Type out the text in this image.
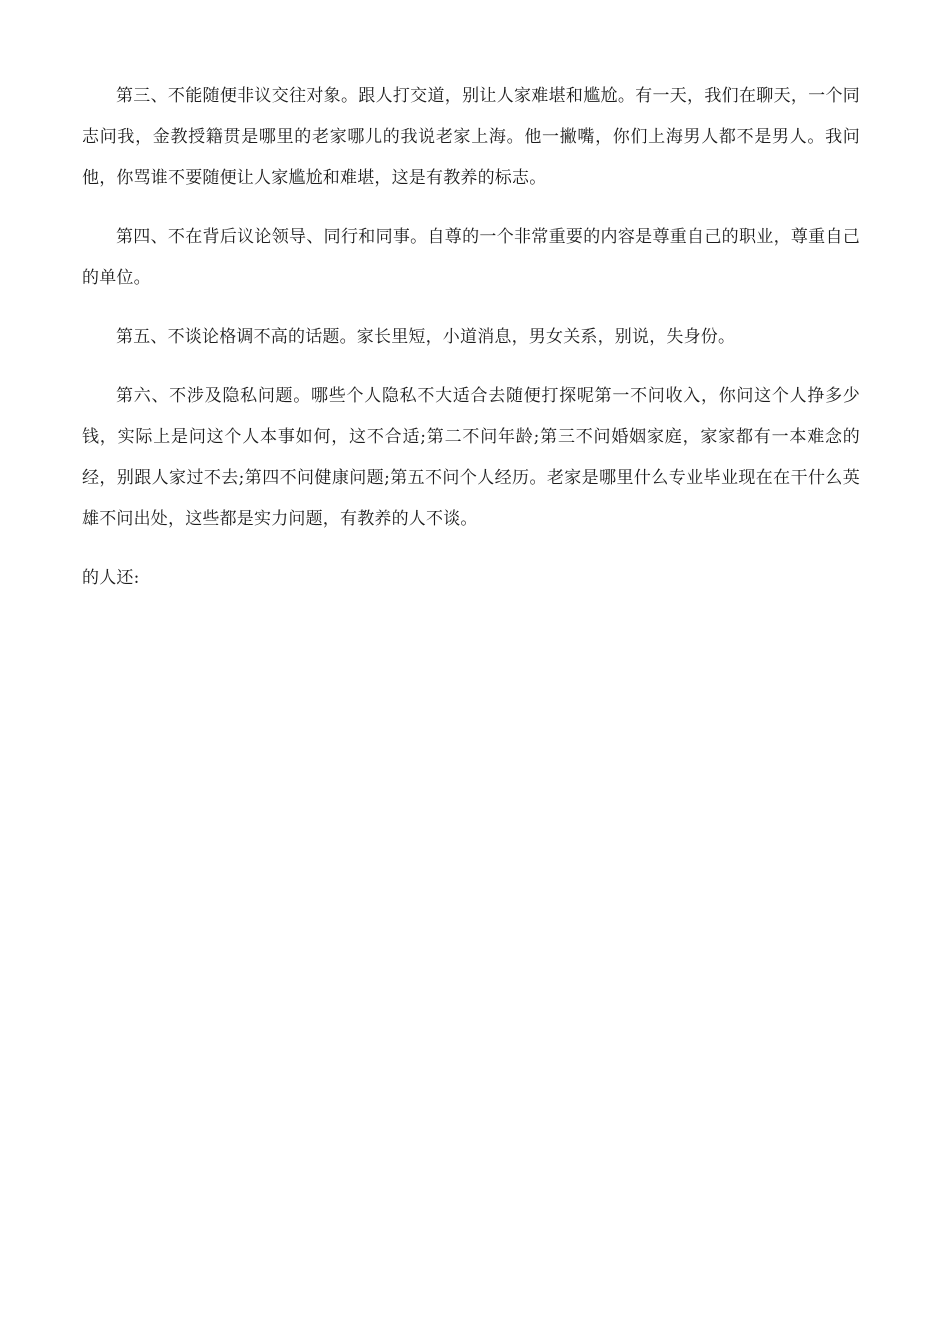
第三、不能随便非议交往对象。跟人打交道，别让人家难堪和尴尬。有一天，我们在聊天，一个同志问我，金教授籍贯是哪里的老家哪儿的我说老家上海。他一撇嘴，你们上海男人都不是男人。我问他，你骂谁不要随便让人家尴尬和难堪，这是有教养的标志。

第四、不在背后议论领导、同行和同事。自尊的一个非常重要的内容是尊重自己的职业，尊重自己的单位。

第五、不谈论格调不高的话题。家长里短，小道消息，男女关系，别说，失身份。

第六、不涉及隐私问题。哪些个人隐私不大适合去随便打探呢第一不问收入，你问这个人挣多少钱，实际上是问这个人本事如何，这不合适;第二不问年龄;第三不问婚姻家庭，家家都有一本难念的经，别跟人家过不去;第四不问健康问题;第五不问个人经历。老家是哪里什么专业毕业现在在干什么英雄不问出处，这些都是实力问题，有教养的人不谈。

的人还:
